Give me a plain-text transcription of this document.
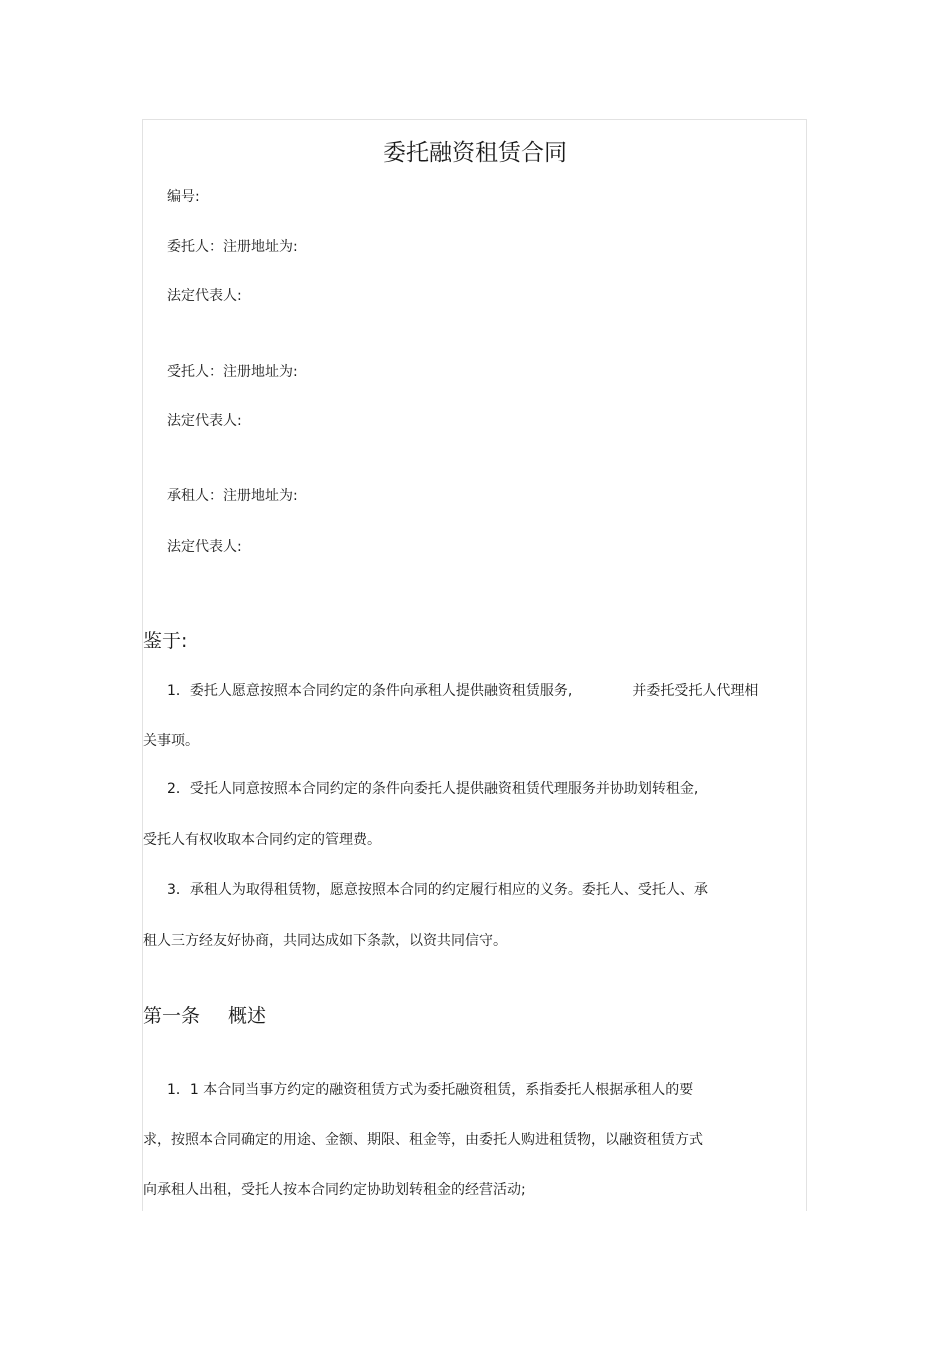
委托融资租赁合同
编号:
委托人：注册地址为:
法定代表人:
受托人：注册地址为:
法定代表人:
承租人：注册地址为:
法定代表人:
鉴于:
1．委托人愿意按照本合同约定的条件向承租人提供融资租赁服务,	并委托受托人代理相
关事项。
2．受托人同意按照本合同约定的条件向委托人提供融资租赁代理服务并协助划转租金,
受托人有权收取本合同约定的管理费。
3．承租人为取得租赁物，愿意按照本合同的约定履行相应的义务。委托人、受托人、承
租人三方经友好协商，共同达成如下条款，以资共同信守。
第一条 概述
1．1 本合同当事方约定的融资租赁方式为委托融资租赁，系指委托人根据承租人的要
求，按照本合同确定的用途、金额、期限、租金等，由委托人购进租赁物，以融资租赁方式
向承租人出租，受托人按本合同约定协助划转租金的经营活动;
